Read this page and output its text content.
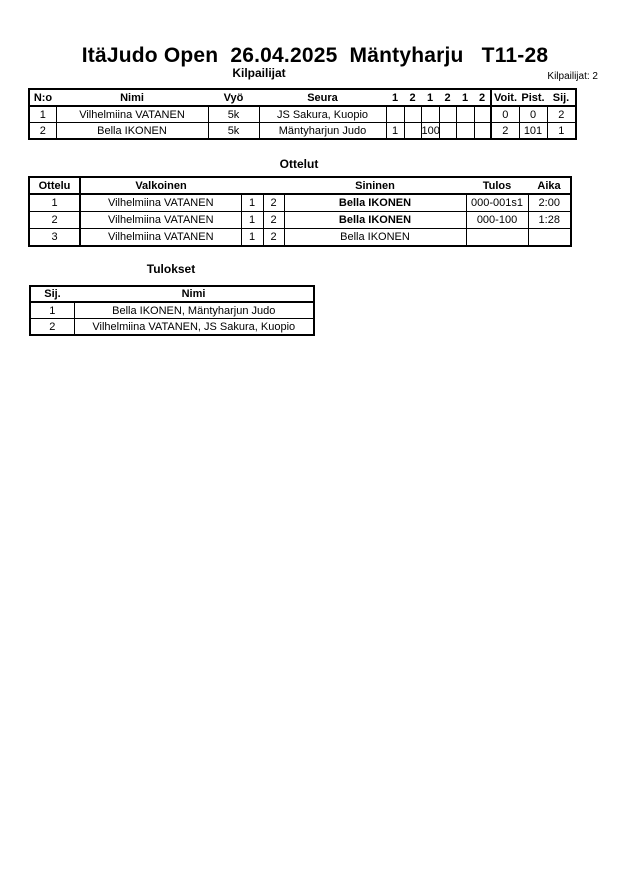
ItäJudo Open  26.04.2025  Mäntyharju   T11-28
Kilpailijat	Kilpailijat: 2
N:o	Nimi	Vyö	Seura	1	2	1	2	1	2	Voit.	Pist.	Sij.
1	Vilhelmiina VATANEN	5k	JS Sakura, Kuopio							0	0	2
2	Bella IKONEN	5k	Mäntyharjun Judo	1		100				2	101	1
Ottelut
Ottelu	Valkoinen			Sininen	Tulos	Aika
1	Vilhelmiina VATANEN	1	2	Bella IKONEN	000-001s1	2:00
2	Vilhelmiina VATANEN	1	2	Bella IKONEN	000-100	1:28
3	Vilhelmiina VATANEN	1	2	Bella IKONEN		
Tulokset
Sij.	Nimi
1	Bella IKONEN, Mäntyharjun Judo
2	Vilhelmiina VATANEN, JS Sakura, Kuopio
